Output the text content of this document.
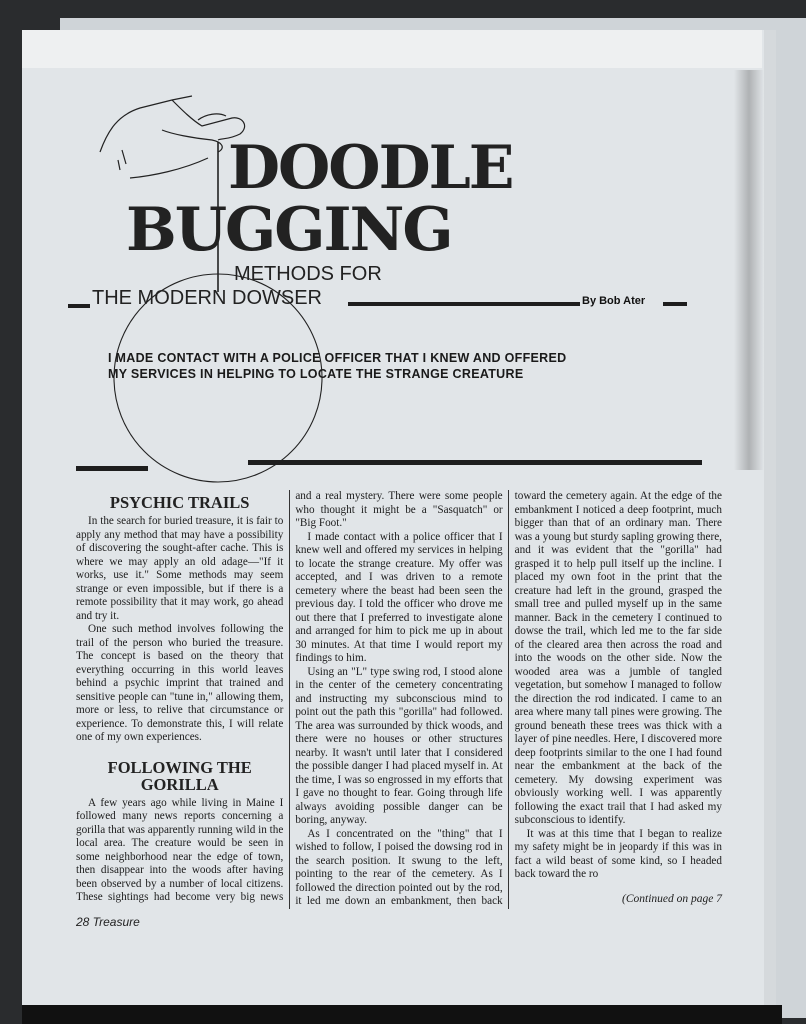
DOODLE
BUGGING
METHODS FOR
THE MODERN DOWSER	By Bob Ater
I MADE CONTACT WITH A POLICE OFFICER THAT I KNEW AND OFFERED MY SERVICES IN HELPING TO LOCATE THE STRANGE CREATURE
PSYCHIC TRAILS

In the search for buried treasure, it is fair to apply any method that may have a possibility of discovering the sought-after cache. This is where we may apply an old adage—"If it works, use it." Some methods may seem strange or even impossible, but if there is a remote possibility that it may work, go ahead and try it.

One such method involves following the trail of the person who buried the treasure. The concept is based on the theory that everything occurring in this world leaves behind a psychic imprint that trained and sensitive people can "tune in," allowing them, more or less, to relive that circumstance or experience. To demonstrate this, I will relate one of my own experiences.

FOLLOWING THE GORILLA

A few years ago while living in Maine I followed many news reports concerning a gorilla that was apparently running wild in the local area. The creature would be seen in some neighborhood near the edge of town, then disappear into the woods after having been observed by a number of local citizens. These sightings had become very big news and a real mystery. There were some people who thought it might be a "Sasquatch" or "Big Foot."

I made contact with a police officer that I knew well and offered my services in helping to locate the strange creature. My offer was accepted, and I was driven to a remote cemetery where the beast had been seen the previous day. I told the officer who drove me out there that I preferred to investigate alone and arranged for him to pick me up in about 30 minutes. At that time I would report my findings to him.

Using an "L" type swing rod, I stood alone in the center of the cemetery concentrating and instructing my subconscious mind to point out the path this "gorilla" had followed. The area was surrounded by thick woods, and there were no houses or other structures nearby. It wasn't until later that I considered the possible danger I had placed myself in. At the time, I was so engrossed in my efforts that I gave no thought to fear. Going through life always avoiding possible danger can be boring, anyway.

As I concentrated on the "thing" that I wished to follow, I poised the dowsing rod in the search position. It swung to the left, pointing to the rear of the cemetery. As I followed the direction pointed out by the rod, it led me down an embankment, then back toward the cemetery again. At the edge of the embankment I noticed a deep footprint, much bigger than that of an ordinary man. There was a young but sturdy sapling growing there, and it was evident that the "gorilla" had grasped it to help pull itself up the incline. I placed my own foot in the print that the creature had left in the ground, grasped the small tree and pulled myself up in the same manner. Back in the cemetery I continued to dowse the trail, which led me to the far side of the cleared area then across the road and into the woods on the other side. Now the wooded area was a jumble of tangled vegetation, but somehow I managed to follow the direction the rod indicated. I came to an area where many tall pines were growing. The ground beneath these trees was thick with a layer of pine needles. Here, I discovered more deep footprints similar to the one I had found near the embankment at the back of the cemetery. My dowsing experiment was obviously working well. I was apparently following the exact trail that I had asked my subconscious to identify.

It was at this time that I began to realize my safety might be in jeopardy if this was in fact a wild beast of some kind, so I headed back toward the ro

(Continued on page 7

28 Treasure
